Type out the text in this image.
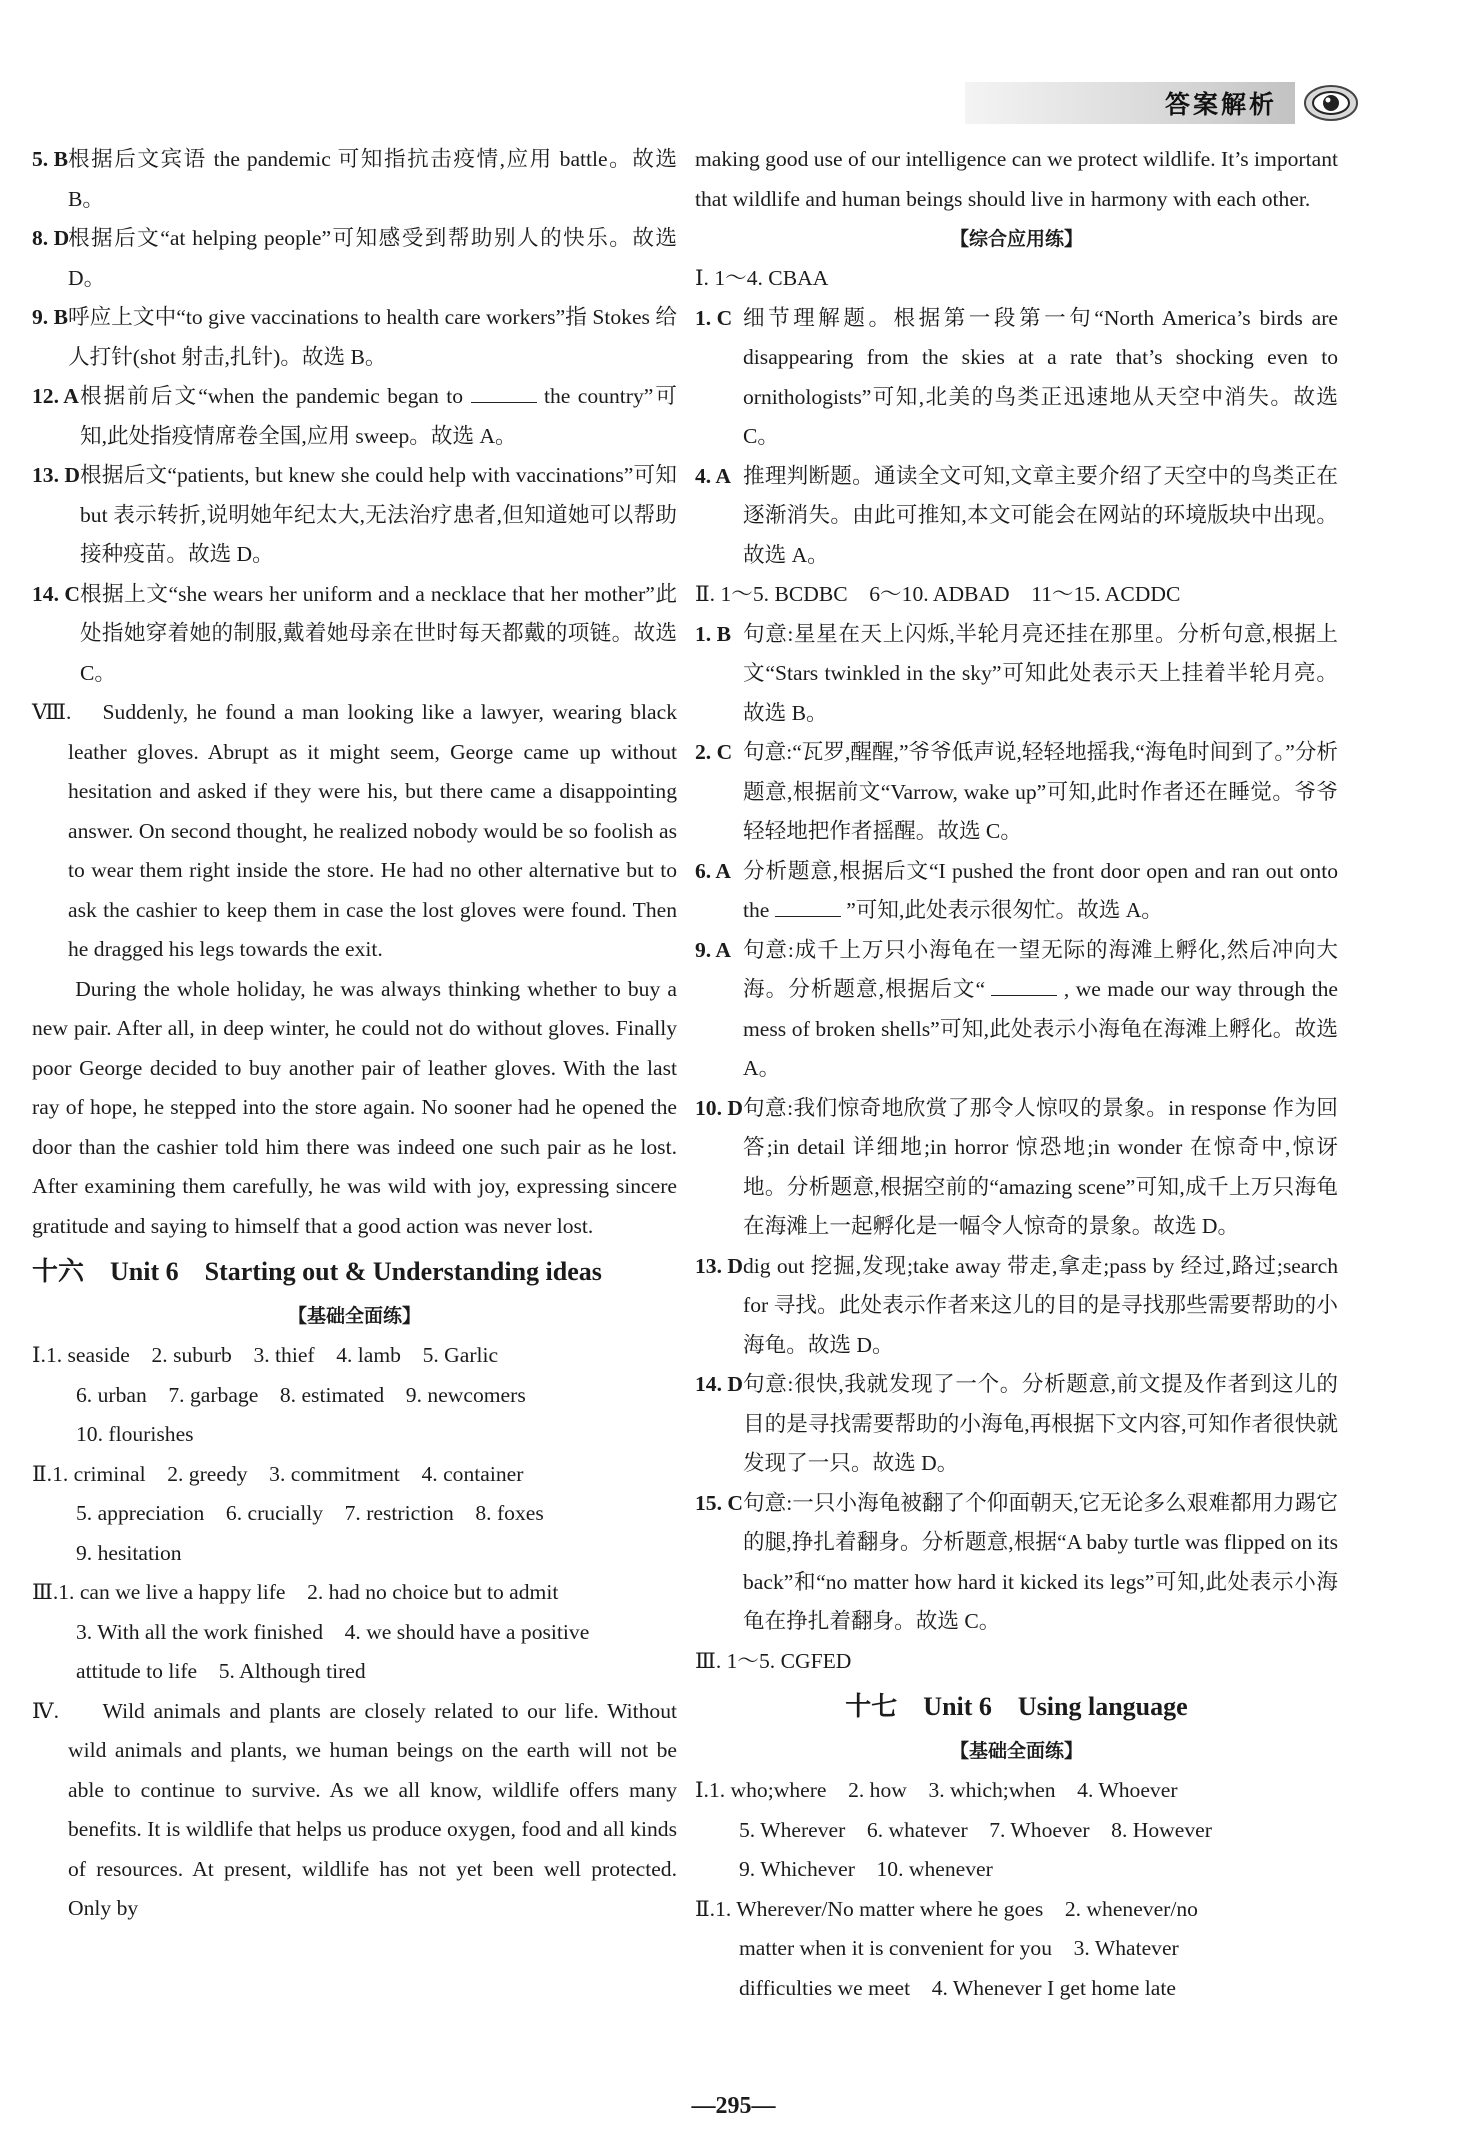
答案解析
5. B 根据后文宾语 the pandemic 可知指抗击疫情,应用 battle。故选 B。
8. D
根据后文“at helping people”可知感受到帮助别人的快乐。故选 D。
9. B 呼应上文中“to give vaccinations to health care workers”指 Stokes 给人打针(shot 射击,扎针)。故选 B。
12. A 根据前后文“when the pandemic began to	the country”可知,此处指疫情席卷全国,应用 sweep。故选 A。
13. D 根据后文“patients, but knew she could help with vaccinations”可知 but 表示转折,说明她年纪太大,无法治疗患者,但知道她可以帮助接种疫苗。故选 D。
14. C 根据上文“she wears her uniform and a necklace that her mother”此处指她穿着她的制服,戴着她母亲在世时每天都戴的项链。故选 C。
Ⅷ.	Suddenly, he found a man looking like a lawyer, wearing black leather gloves. Abrupt as it might seem, George came up without hesitation and asked if they were his, but there came a disappointing answer. On second thought, he realized nobody would be so foolish as to wear them right inside the store. He had no other alternative but to ask the cashier to keep them in case the lost gloves were found. Then he dragged his legs towards the exit.
During the whole holiday, he was always thinking whether to buy a new pair. After all, in deep winter, he could not do without gloves. Finally poor George decided to buy another pair of leather gloves. With the last ray of hope, he stepped into the store again. No sooner had he opened the door than the cashier told him there was indeed one such pair as he lost. After examining them carefully, he was wild with joy, expressing sincere gratitude and saying to himself that a good action was never lost.
十六　Unit 6　Starting out & Understanding ideas
【基础全面练】
Ⅰ.1. seaside　2. suburb　3. thief　4. lamb　5. Garlic
6. urban　7. garbage　8. estimated　9. newcomers
10. flourishes
Ⅱ.1. criminal　2. greedy　3. commitment　4. container
5. appreciation　6. crucially　7. restriction　8. foxes
9. hesitation
Ⅲ.1. can we live a happy life　2. had no choice but to admit
3. With all the work finished　4. we should have a positive
attitude to life　5. Although tired
Ⅳ.	Wild animals and plants are closely related to our life. Without wild animals and plants, we human beings on the earth will not be able to continue to survive. As we all know, wildlife offers many benefits. It is wildlife that helps us produce oxygen, food and all kinds of resources. At present, wildlife has not yet been well protected. Only by
making good use of our intelligence can we protect wildlife. It’s important that wildlife and human beings should live in harmony with each other.
【综合应用练】
Ⅰ. 1～4. CBAA
1. C 细节理解题。根据第一段第一句“North America’s birds are disappearing from the skies at a rate that’s shocking even to ornithologists”可知,北美的鸟类正迅速地从天空中消失。故选 C。
4. A 推理判断题。通读全文可知,文章主要介绍了天空中的鸟类正在逐渐消失。由此可推知,本文可能会在网站的环境版块中出现。故选 A。
Ⅱ. 1～5. BCDBC　6～10. ADBAD　11～15. ACDDC
1. B 句意:星星在天上闪烁,半轮月亮还挂在那里。分析句意,根据上文“Stars twinkled in the sky”可知此处表示天上挂着半轮月亮。故选 B。
2. C 句意:“瓦罗,醒醒,”爷爷低声说,轻轻地摇我,“海龟时间到了。”分析题意,根据前文“Varrow, wake up”可知,此时作者还在睡觉。爷爷轻轻地把作者摇醒。故选 C。
6. A 分析题意,根据后文“I pushed the front door open and ran out onto the	”可知,此处表示很匆忙。故选 A。
9. A 句意:成千上万只小海龟在一望无际的海滩上孵化,然后冲向大海。分析题意,根据后文“	, we made our way through the mess of broken shells”可知,此处表示小海龟在海滩上孵化。故选 A。
10. D 句意:我们惊奇地欣赏了那令人惊叹的景象。in response 作为回答;in detail 详细地;in horror 惊恐地;in wonder 在惊奇中,惊讶地。分析题意,根据空前的“amazing scene”可知,成千上万只海龟在海滩上一起孵化是一幅令人惊奇的景象。故选 D。
13. D dig out 挖掘,发现;take away 带走,拿走;pass by 经过,路过;search for 寻找。此处表示作者来这儿的目的是寻找那些需要帮助的小海龟。故选 D。
14. D 句意:很快,我就发现了一个。分析题意,前文提及作者到这儿的目的是寻找需要帮助的小海龟,再根据下文内容,可知作者很快就发现了一只。故选 D。
15. C 句意:一只小海龟被翻了个仰面朝天,它无论多么艰难都用力踢它的腿,挣扎着翻身。分析题意,根据“A baby turtle was flipped on its back”和“no matter how hard it kicked its legs”可知,此处表示小海龟在挣扎着翻身。故选 C。
Ⅲ. 1～5. CGFED
十七　Unit 6　Using language
【基础全面练】
Ⅰ.1. who;where　2. how　3. which;when　4. Whoever
5. Wherever　6. whatever　7. Whoever　8. However
9. Whichever　10. whenever
Ⅱ.1. Wherever/No matter where he goes　2. whenever/no
matter when it is convenient for you　3. Whatever
difficulties we meet　4. Whenever I get home late
—295—
